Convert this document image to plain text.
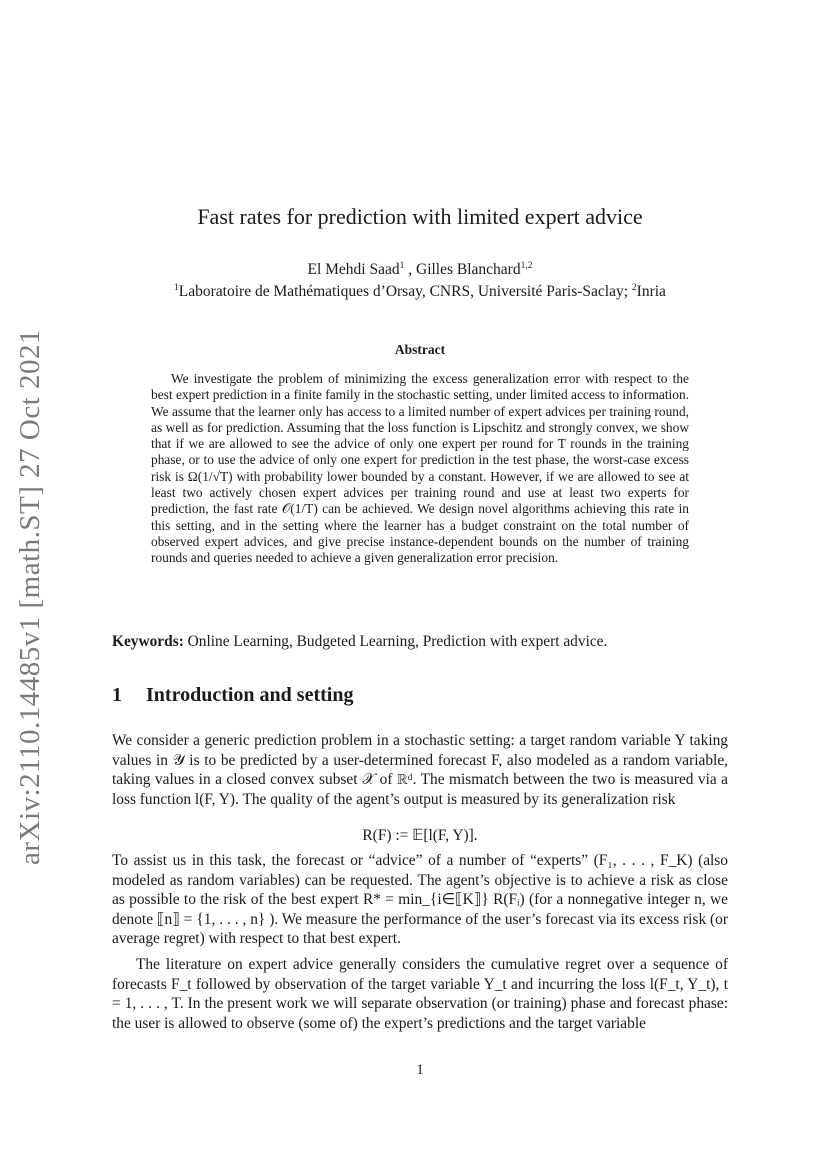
arXiv:2110.14485v1 [math.ST] 27 Oct 2021
Fast rates for prediction with limited expert advice
El Mehdi Saad$^1$ , Gilles Blanchard$^{1,2}$
$^1$Laboratoire de Mathématiques d’Orsay, CNRS, Université Paris-Saclay; $^2$Inria
Abstract
We investigate the problem of minimizing the excess generalization error with respect to the best expert prediction in a finite family in the stochastic setting, under limited access to information. We assume that the learner only has access to a limited number of expert advices per training round, as well as for prediction. Assuming that the loss function is Lipschitz and strongly convex, we show that if we are allowed to see the advice of only one expert per round for T rounds in the training phase, or to use the advice of only one expert for prediction in the test phase, the worst-case excess risk is Ω(1/√T) with probability lower bounded by a constant. However, if we are allowed to see at least two actively chosen expert advices per training round and use at least two experts for prediction, the fast rate 𝒪(1/T) can be achieved. We design novel algorithms achieving this rate in this setting, and in the setting where the learner has a budget constraint on the total number of observed expert advices, and give precise instance-dependent bounds on the number of training rounds and queries needed to achieve a given generalization error precision.
Keywords: Online Learning, Budgeted Learning, Prediction with expert advice.
1 Introduction and setting
We consider a generic prediction problem in a stochastic setting: a target random variable Y taking values in 𝒴 is to be predicted by a user-determined forecast F, also modeled as a random variable, taking values in a closed convex subset 𝒳 of ℝᵈ. The mismatch between the two is measured via a loss function l(F, Y). The quality of the agent’s output is measured by its generalization risk
R(F) := 𝔼[l(F, Y)].
To assist us in this task, the forecast or “advice” of a number of “experts” (F₁, . . . , F_K) (also modeled as random variables) can be requested. The agent’s objective is to achieve a risk as close as possible to the risk of the best expert R* = min_{i∈⟦K⟧} R(Fᵢ) (for a nonnegative integer n, we denote ⟦n⟧ = {1, . . . , n} ). We measure the performance of the user’s forecast via its excess risk (or average regret) with respect to that best expert.
The literature on expert advice generally considers the cumulative regret over a sequence of forecasts F_t followed by observation of the target variable Y_t and incurring the loss l(F_t, Y_t), t = 1, . . . , T. In the present work we will separate observation (or training) phase and forecast phase: the user is allowed to observe (some of) the expert’s predictions and the target variable
1
